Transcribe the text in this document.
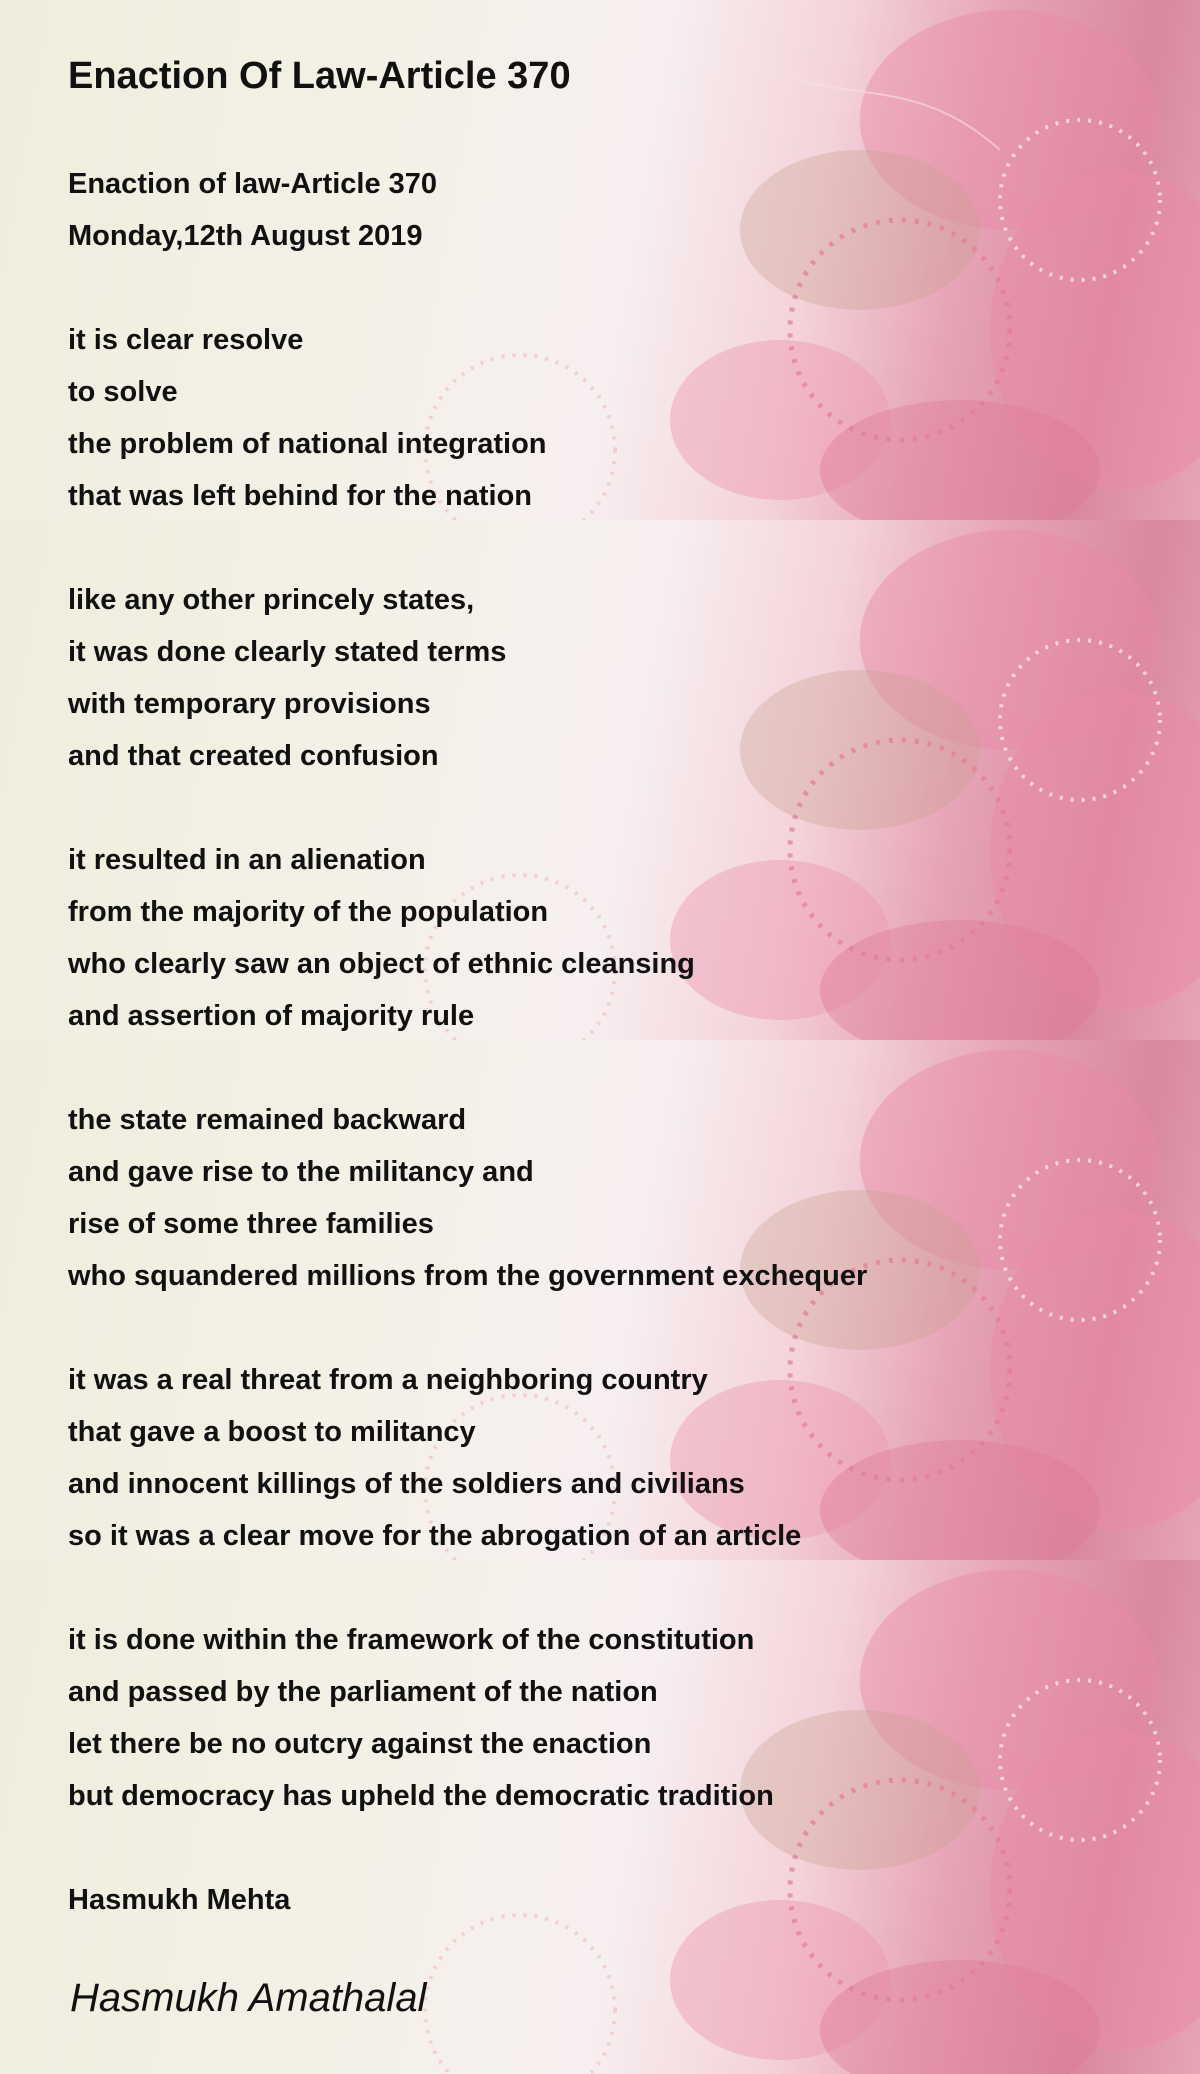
Enaction Of Law-Article 370
Enaction of law-Article 370
Monday,12th August 2019
it is clear resolve
to solve
the problem of national integration
that was left behind for the nation
like any other princely states,
it was done clearly stated terms
with temporary provisions
and that created confusion
it resulted in an alienation
from the majority of the population
who clearly saw an object of ethnic cleansing
and assertion of majority rule
the state remained backward
and gave rise to the militancy and
rise of some three families
who squandered millions from the government exchequer
it was a real threat from a neighboring country
that gave a boost to militancy
and innocent killings of the soldiers and civilians
so it was a clear move for the abrogation of an article
it is done within the framework of the constitution
and passed by the parliament of the nation
let there be no outcry against the enaction
but democracy has upheld the democratic tradition
Hasmukh Mehta
Hasmukh Amathalal
